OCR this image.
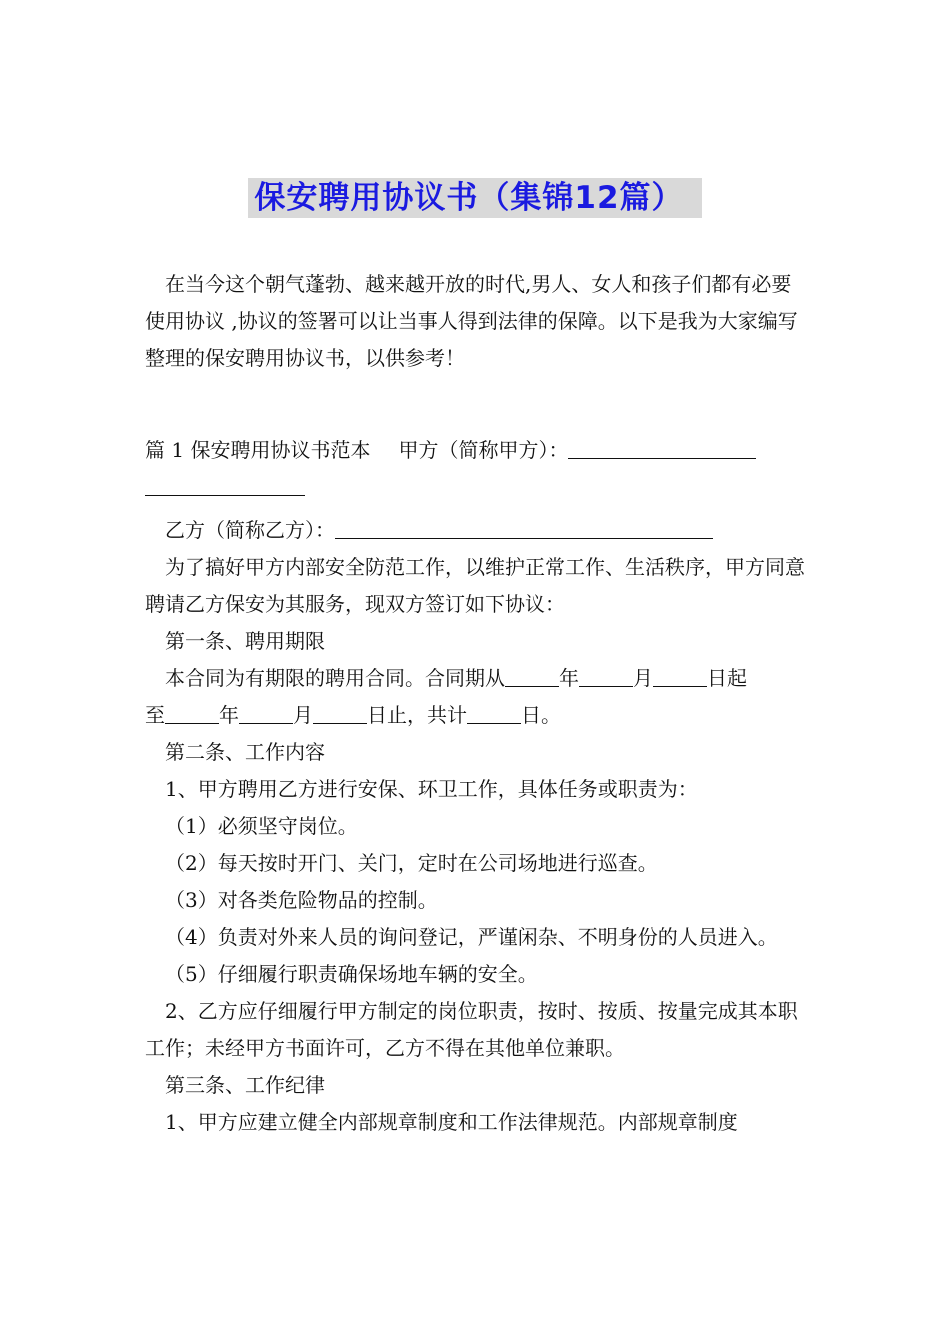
保安聘用协议书（集锦12篇）

在当今这个朝气蓬勃、越来越开放的时代,男人、女人和孩子们都有必要使用协议 ,协议的签署可以让当事人得到法律的保障。以下是我为大家编写整理的保安聘用协议书，以供参考！

篇 1 保安聘用协议书范本 甲方（简称甲方）：
乙方（简称乙方）：

为了搞好甲方内部安全防范工作，以维护正常工作、生活秩序，甲方同意聘请乙方保安为其服务，现双方签订如下协议：

第一条、聘用期限
本合同为有期限的聘用合同。合同期从	年	月	日起
至	年	月	日止，共计	日。
第二条、工作内容
1、甲方聘用乙方进行安保、环卫工作，具体任务或职责为：
（1）必须坚守岗位。
（2）每天按时开门、关门，定时在公司场地进行巡查。
（3）对各类危险物品的控制。

（4）负责对外来人员的询问登记，严谨闲杂、不明身份的人员进入。

（5）仔细履行职责确保场地车辆的安全。

2、乙方应仔细履行甲方制定的岗位职责，按时、按质、按量完成其本职工作；未经甲方书面许可，乙方不得在其他单位兼职。

第三条、工作纪律
1、甲方应建立健全内部规章制度和工作法律规范。内部规章制度
